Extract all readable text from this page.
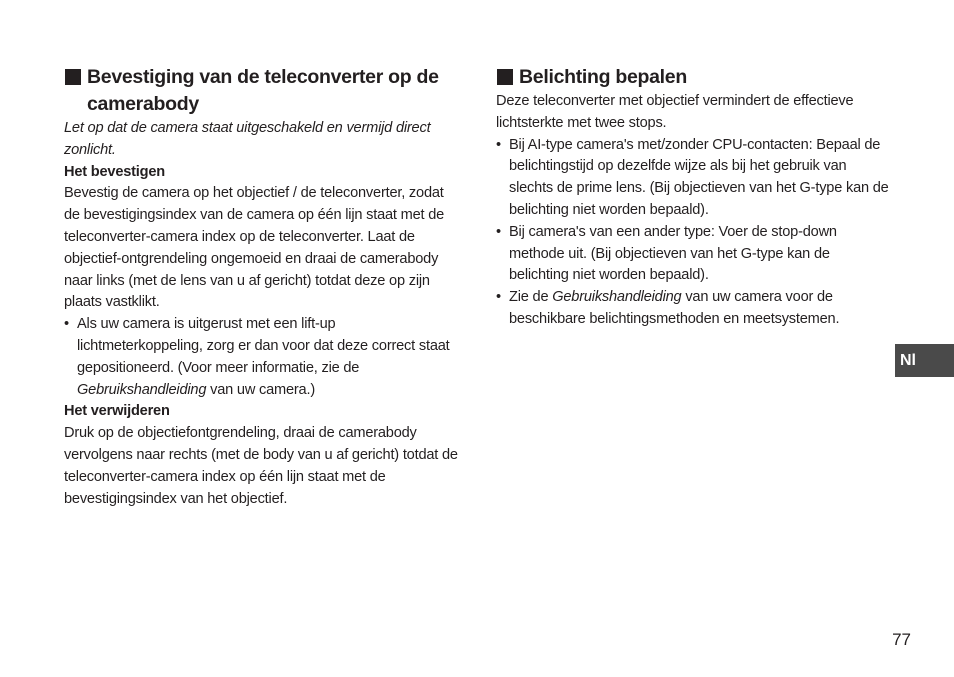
Bevestiging van de teleconverter op de camerabody

Let op dat de camera staat uitgeschakeld en vermijd direct zonlicht.

Het bevestigen

Bevestig de camera op het objectief / de teleconverter, zodat de bevestigingsindex van de camera op één lijn staat met de teleconverter-camera index op de teleconverter. Laat de objectief-ontgrendeling ongemoeid en draai de camerabody naar links (met de lens van u af gericht) totdat deze op zijn plaats vastklikt.

• Als uw camera is uitgerust met een lift-up lichtmeterkoppeling, zorg er dan voor dat deze correct staat gepositioneerd. (Voor meer informatie, zie de Gebruikshandleiding van uw camera.)
Het verwijderen

Druk op de objectiefontgrendeling, draai de camerabody vervolgens naar rechts (met de body van u af gericht) totdat de teleconverter-camera index op één lijn staat met de bevestigingsindex van het objectief.

Belichting bepalen

Deze teleconverter met objectief vermindert de effectieve lichtsterkte met twee stops.

• Bij AI-type camera's met/zonder CPU-contacten: Bepaal de belichtingstijd op dezelfde wijze als bij het gebruik van slechts de prime lens. (Bij objectieven van het G-type kan de belichting niet worden bepaald).
• Bij camera's van een ander type: Voer de stop-down methode uit. (Bij objectieven van het G-type kan de belichting niet worden bepaald).
• Zie de Gebruikshandleiding van uw camera voor de beschikbare belichtingsmethoden en meetsystemen.
Nl
77
